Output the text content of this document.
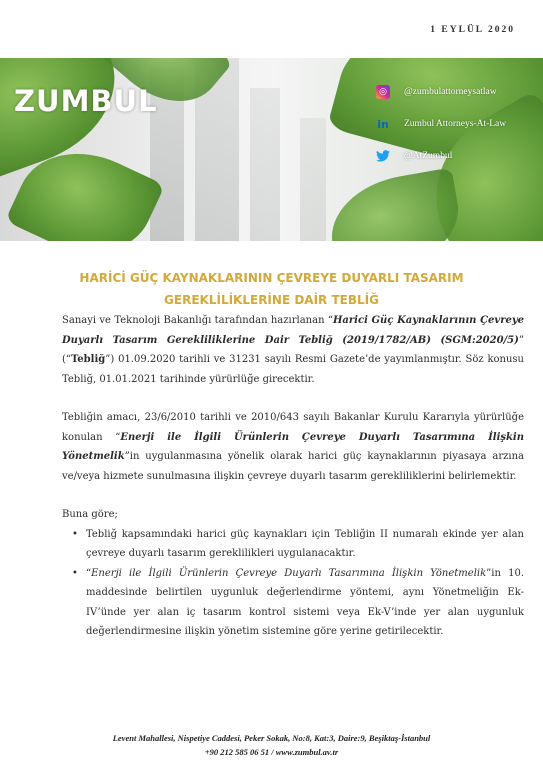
1 EYLÜL 2020
ZUMBUL	◎	@zumbulattorneysatlaw
in Zumbul Attorneys-At-Law
@AtZumbul
HARİCİ GÜÇ KAYNAKLARININ ÇEVREYE DUYARLI TASARIM
GEREKLİLİKLERİNE DAİR TEBLİĞ

Sanayi ve Teknoloji Bakanlığı tarafından hazırlanan “Harici Güç Kaynaklarının Çevreye Duyarlı Tasarım Gerekliliklerine Dair Tebliğ (2019/1782/AB) (SGM:2020/5)” (“Tebliğ”) 01.09.2020 tarihli ve 31231 sayılı Resmi Gazete’de yayımlanmıştır. Söz konusu Tebliğ, 01.01.2021 tarihinde yürürlüğe girecektir.

Tebliğin amacı, 23/6/2010 tarihli ve 2010/643 sayılı Bakanlar Kurulu Kararıyla yürürlüğe konulan “Enerji ile İlgili Ürünlerin Çevreye Duyarlı Tasarımına İlişkin Yönetmelik”in uygulanmasına yönelik olarak harici güç kaynaklarının piyasaya arzına ve/veya hizmete sunulmasına ilişkin çevreye duyarlı tasarım gerekliliklerini belirlemektir.

Buna göre;

• Tebliğ kapsamındaki harici güç kaynakları için Tebliğin II numaralı ekinde yer alan çevreye duyarlı tasarım gereklilikleri uygulanacaktır.
• “Enerji ile İlgili Ürünlerin Çevreye Duyarlı Tasarımına İlişkin Yönetmelik”in 10. maddesinde belirtilen uygunluk değerlendirme yöntemi, aynı Yönetmeliğin Ek-IV’ünde yer alan iç tasarım kontrol sistemi veya Ek-V’inde yer alan uygunluk değerlendirmesine ilişkin yönetim sistemine göre yerine getirilecektir.
Levent Mahallesi, Nispetiye Caddesi, Peker Sokak, No:8, Kat:3, Daire:9, Beşiktaş-İstanbul
+90 212 585 06 51 / www.zumbul.av.tr
